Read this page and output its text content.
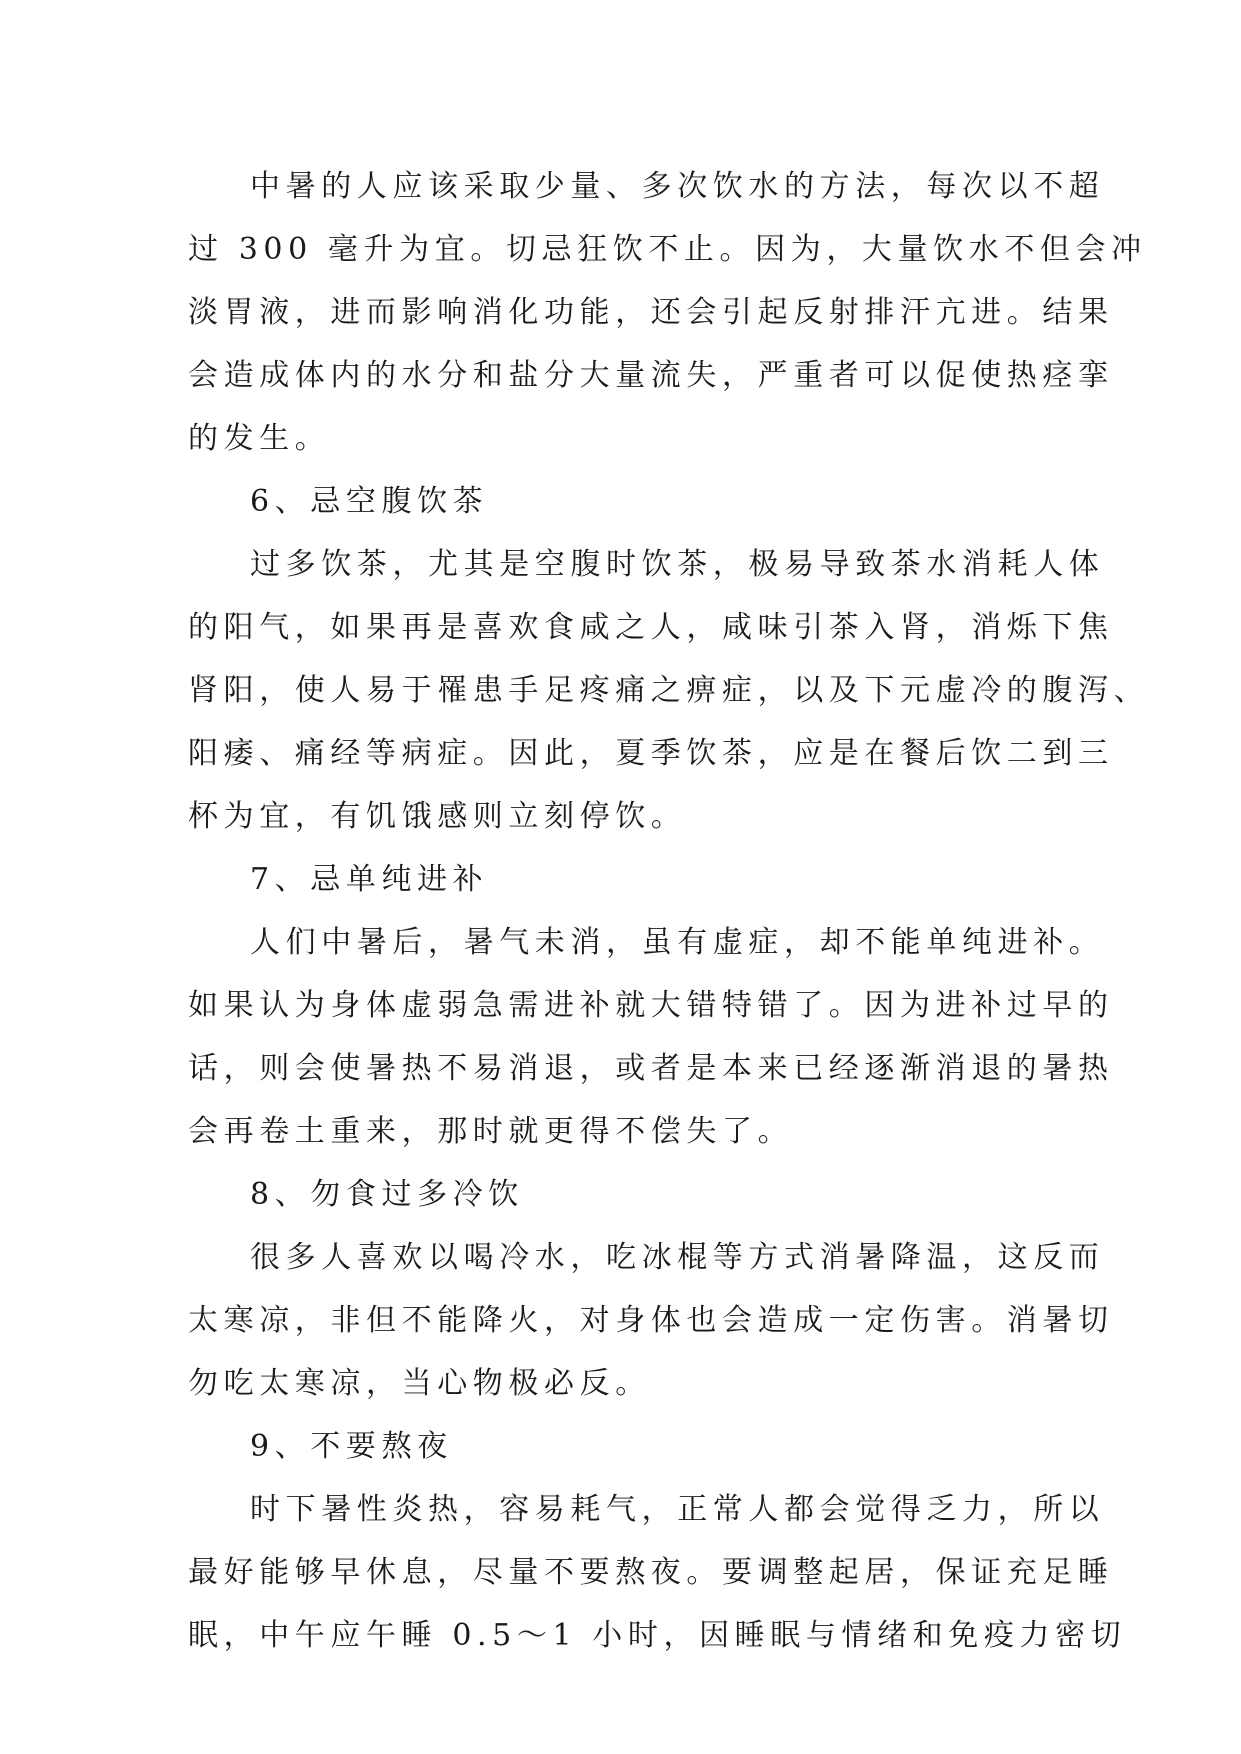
中暑的人应该采取少量、多次饮水的方法，每次以不超
过 300 毫升为宜。切忌狂饮不止。因为，大量饮水不但会冲
淡胃液，进而影响消化功能，还会引起反射排汗亢进。结果
会造成体内的水分和盐分大量流失，严重者可以促使热痉挛
的发生。
6、忌空腹饮茶
过多饮茶，尤其是空腹时饮茶，极易导致茶水消耗人体
的阳气，如果再是喜欢食咸之人，咸味引茶入肾，消烁下焦
肾阳，使人易于罹患手足疼痛之痹症，以及下元虚冷的腹泻、
阳痿、痛经等病症。因此，夏季饮茶，应是在餐后饮二到三
杯为宜，有饥饿感则立刻停饮。
7、忌单纯进补
人们中暑后，暑气未消，虽有虚症，却不能单纯进补。
如果认为身体虚弱急需进补就大错特错了。因为进补过早的
话，则会使暑热不易消退，或者是本来已经逐渐消退的暑热
会再卷土重来，那时就更得不偿失了。
8、勿食过多冷饮
很多人喜欢以喝冷水，吃冰棍等方式消暑降温，这反而
太寒凉，非但不能降火，对身体也会造成一定伤害。消暑切
勿吃太寒凉，当心物极必反。
9、不要熬夜
时下暑性炎热，容易耗气，正常人都会觉得乏力，所以
最好能够早休息，尽量不要熬夜。要调整起居，保证充足睡
眠，中午应午睡 0.5～1 小时，因睡眠与情绪和免疫力密切
